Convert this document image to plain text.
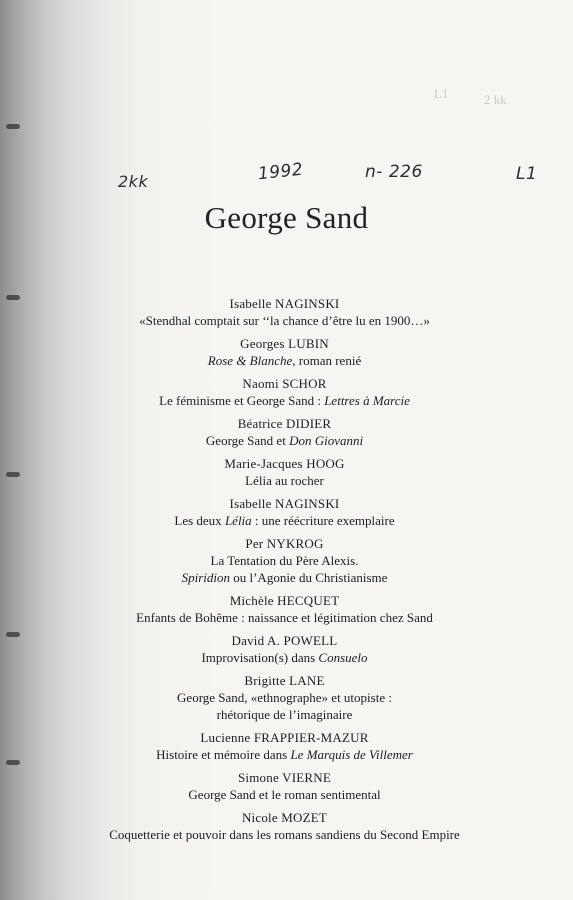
L1	2 kk
2kk	1992	n- 226	L1
George Sand
Isabelle NAGINSKI
«Stendhal comptait sur ‘‘la chance d’être lu en 1900…»
Georges LUBIN
Rose & Blanche, roman renié
Naomi SCHOR
Le féminisme et George Sand : Lettres à Marcie
Béatrice DIDIER
George Sand et Don Giovanni
Marie-Jacques HOOG
Lélia au rocher
Isabelle NAGINSKI
Les deux Lélia : une réécriture exemplaire
Per NYKROG
La Tentation du Père Alexis.
Spiridion ou l’Agonie du Christianisme
Michèle HECQUET
Enfants de Bohême : naissance et légitimation chez Sand
David A. POWELL
Improvisation(s) dans Consuelo
Brigitte LANE
George Sand, «ethnographe» et utopiste :
rhétorique de l’imaginaire
Lucienne FRAPPIER-MAZUR
Histoire et mémoire dans Le Marquis de Villemer
Simone VIERNE
George Sand et le roman sentimental
Nicole MOZET
Coquetterie et pouvoir dans les romans sandiens du Second Empire
